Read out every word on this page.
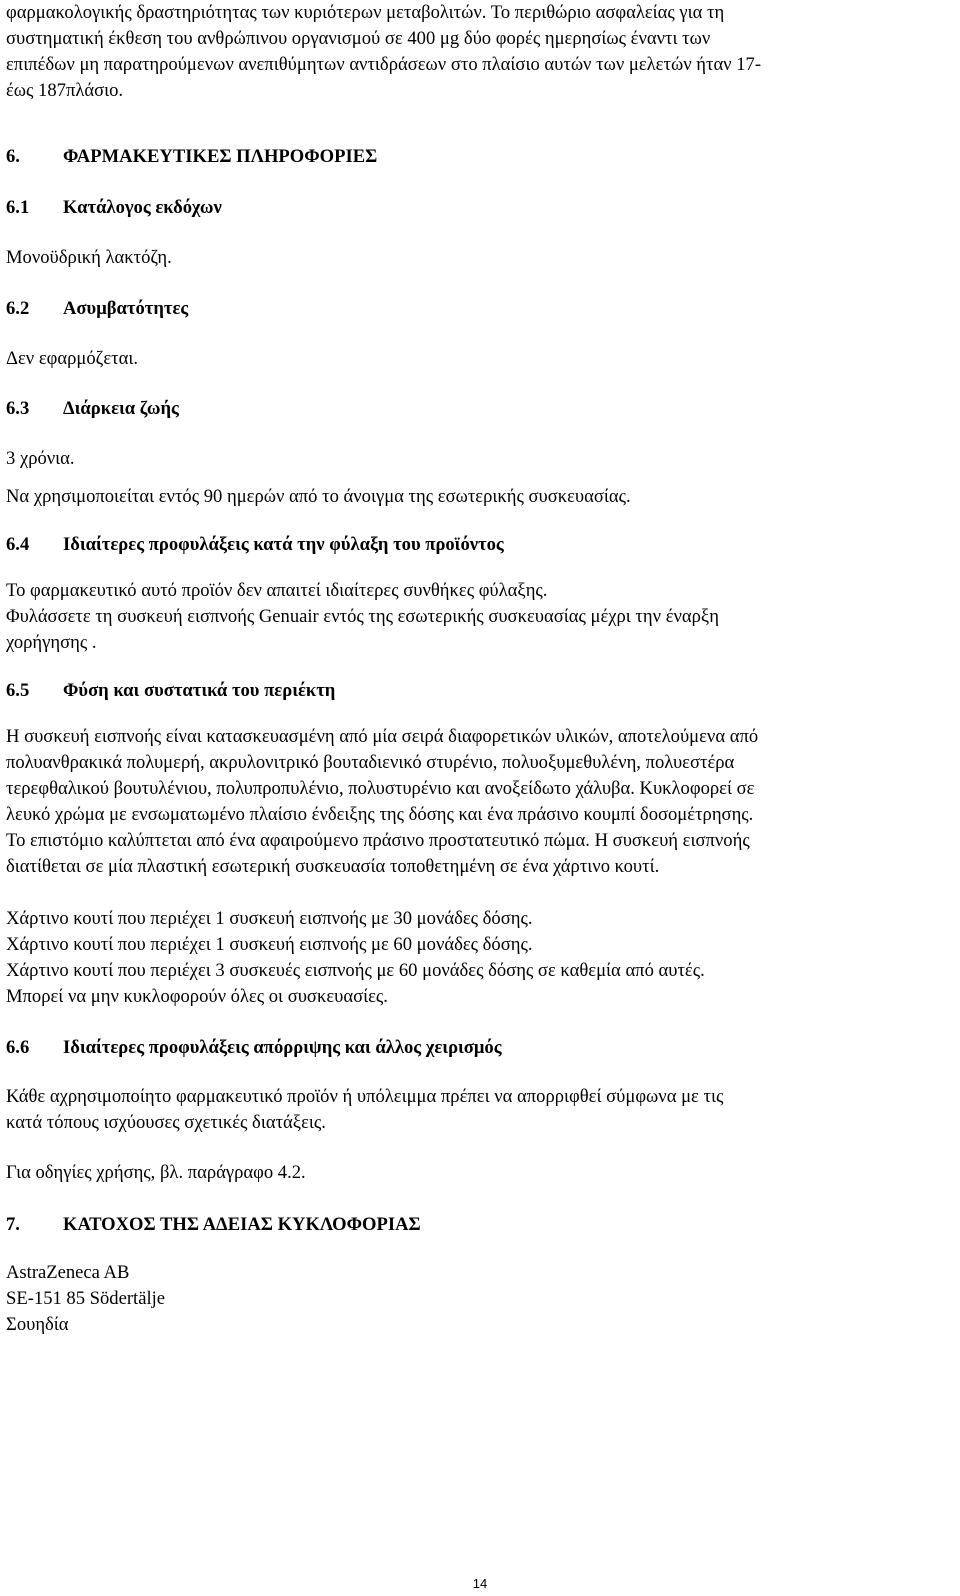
φαρμακολογικής δραστηριότητας των κυριότερων μεταβολιτών. Το περιθώριο ασφαλείας για τη
συστηματική έκθεση του ανθρώπινου οργανισμού σε 400 μg δύο φορές ημερησίως έναντι των
επιπέδων μη παρατηρούμενων ανεπιθύμητων αντιδράσεων στο πλαίσιο αυτών των μελετών ήταν 17-
έως 187πλάσιο.
6.	ΦΑΡΜΑΚΕΥΤΙΚΕΣ ΠΛΗΡΟΦΟΡΙΕΣ
6.1	Κατάλογος εκδόχων

Μονοϋδρική λακτόζη.

6.2	Ασυμβατότητες

Δεν εφαρμόζεται.

6.3	Διάρκεια ζωής

3 χρόνια.

Να χρησιμοποιείται εντός 90 ημερών από το άνοιγμα της εσωτερικής συσκευασίας.

6.4	Ιδιαίτερες προφυλάξεις κατά την φύλαξη του προϊόντος
Το φαρμακευτικό αυτό προϊόν δεν απαιτεί ιδιαίτερες συνθήκες φύλαξης.
Φυλάσσετε τη συσκευή εισπνοής Genuair εντός της εσωτερικής συσκευασίας μέχρι την έναρξη
χορήγησης .
6.5	Φύση και συστατικά του περιέκτη
Η συσκευή εισπνοής είναι κατασκευασμένη από μία σειρά διαφορετικών υλικών, αποτελούμενα από
πολυανθρακικά πολυμερή, ακρυλονιτρικό βουταδιενικό στυρένιο, πολυοξυμεθυλένη, πολυεστέρα
τερεφθαλικού βουτυλένιου, πολυπροπυλένιο, πολυστυρένιο και ανοξείδωτο χάλυβα. Κυκλοφορεί σε
λευκό χρώμα με ενσωματωμένο πλαίσιο ένδειξης της δόσης και ένα πράσινο κουμπί δοσομέτρησης.
Το επιστόμιο καλύπτεται από ένα αφαιρούμενο πράσινο προστατευτικό πώμα. Η συσκευή εισπνοής
διατίθεται σε μία πλαστική εσωτερική συσκευασία τοποθετημένη σε ένα χάρτινο κουτί.
Χάρτινο κουτί που περιέχει 1 συσκευή εισπνοής με 30 μονάδες δόσης.
Χάρτινο κουτί που περιέχει 1 συσκευή εισπνοής με 60 μονάδες δόσης.
Χάρτινο κουτί που περιέχει 3 συσκευές εισπνοής με 60 μονάδες δόσης σε καθεμία από αυτές.
Μπορεί να μην κυκλοφορούν όλες οι συσκευασίες.
6.6	Ιδιαίτερες προφυλάξεις απόρριψης και άλλος χειρισμός
Κάθε αχρησιμοποίητο φαρμακευτικό προϊόν ή υπόλειμμα πρέπει να απορριφθεί σύμφωνα με τις
κατά τόπους ισχύουσες σχετικές διατάξεις.

Για οδηγίες χρήσης, βλ. παράγραφο 4.2.

7.	ΚΑΤΟΧΟΣ ΤΗΣ ΑΔΕΙΑΣ ΚΥΚΛΟΦΟΡΙΑΣ
AstraZeneca AB
SE-151 85 Södertälje
Σουηδία
14
